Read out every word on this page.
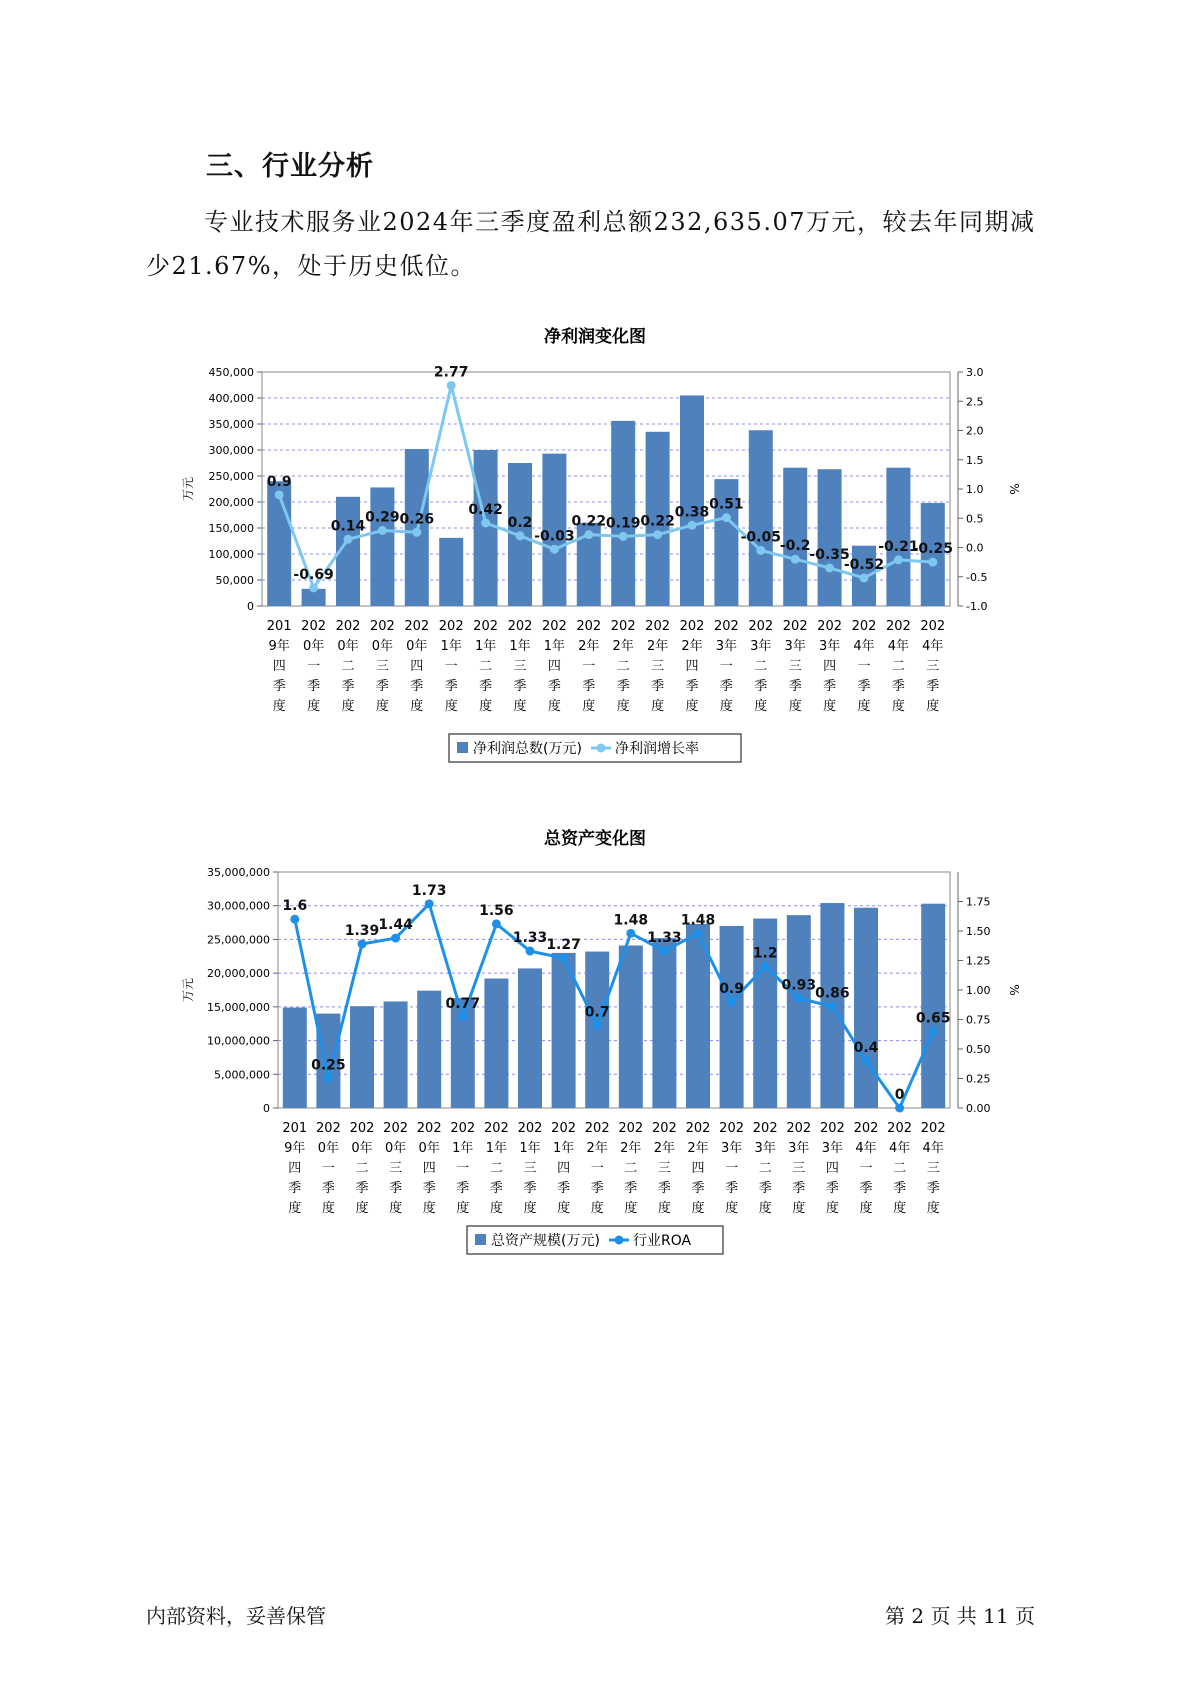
三、行业分析
专业技术服务业2024年三季度盈利总额232,635.07万元，较去年同期减少21.67%，处于历史低位。
净利润变化图
0
50,000
100,000
150,000
200,000
250,000
300,000
350,000
400,000
450,000
-1.0
-0.5
0.0
0.5
1.0
1.5
2.0
2.5
3.0
万元	%
0.9
-0.69
0.14
0.29 0.26
2.77
0.42
0.2
-0.03
0.22 0.19 0.22
0.38 0.51
-0.05
-0.2
-0.35
-0.52
-0.21
-0.25
201
9年
四
季
度
202
0年
一
季
度
202
0年
二
季
度
202
0年
三
季
度
202
0年
四
季
度
202
1年
一
季
度
202
1年
二
季
度
202
1年
三
季
度
202
1年
四
季
度
202
2年
一
季
度
202
2年
二
季
度
202
2年
三
季
度
202
2年
四
季
度
202
3年
一
季
度
202
3年
二
季
度
202
3年
三
季
度
202
3年
四
季
度
202
4年
一
季
度
202
4年
二
季
度
202
4年
三
季
度
净利润总数(万元) 净利润增长率
总资产变化图
0
5,000,000
10,000,000
15,000,000
20,000,000
25,000,000
30,000,000
35,000,000
0.00
0.25
0.50
0.75
1.00
1.25
1.50
1.75
万元	%
1.6
0.25
1.39 1.44
1.73
0.77
1.56
1.33 1.27
0.7
1.48
1.33
1.48
0.9
1.2
0.93
0.86
0.4
0
0.65
201
9年
四
季
度
202
0年
一
季
度
202
0年
二
季
度
202
0年
三
季
度
202
0年
四
季
度
202
1年
一
季
度
202
1年
二
季
度
202
1年
三
季
度
202
1年
四
季
度
202
2年
一
季
度
202
2年
二
季
度
202
2年
三
季
度
202
2年
四
季
度
202
3年
一
季
度
202
3年
二
季
度
202
3年
三
季
度
202
3年
四
季
度
202
4年
一
季
度
202
4年
二
季
度
202
4年
三
季
度
总资产规模(万元) 行业ROA
内部资料，妥善保管	第 2 页 共 11 页
